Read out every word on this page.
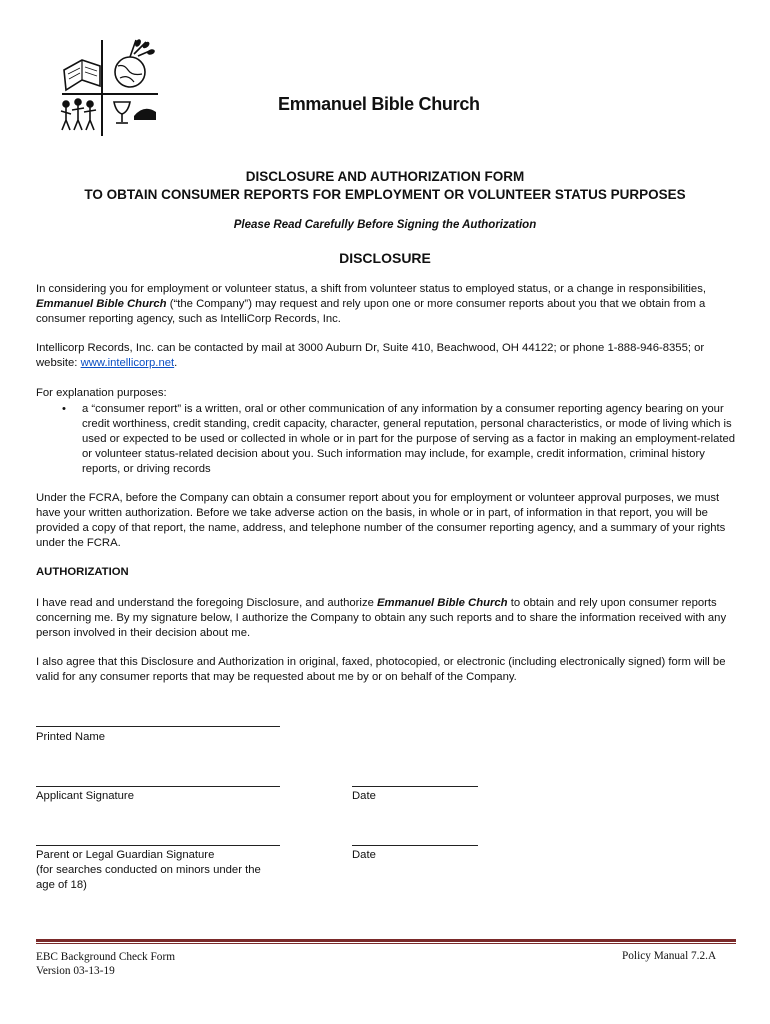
Emmanuel Bible Church
DISCLOSURE AND AUTHORIZATION FORM
TO OBTAIN CONSUMER REPORTS FOR EMPLOYMENT OR VOLUNTEER STATUS PURPOSES
Please Read Carefully Before Signing the Authorization
DISCLOSURE
In considering you for employment or volunteer status, a shift from volunteer status to employed status, or a change in responsibilities, Emmanuel Bible Church (“the Company”) may request and rely upon one or more consumer reports about you that we obtain from a consumer reporting agency, such as IntelliCorp Records, Inc.
Intellicorp Records, Inc. can be contacted by mail at 3000 Auburn Dr, Suite 410, Beachwood, OH 44122; or phone 1-888-946-8355; or website: www.intellicorp.net.
For explanation purposes:
• a “consumer report” is a written, oral or other communication of any information by a consumer reporting agency bearing on your credit worthiness, credit standing, credit capacity, character, general reputation, personal characteristics, or mode of living which is used or expected to be used or collected in whole or in part for the purpose of serving as a factor in making an employment-related or volunteer status-related decision about you. Such information may include, for example, credit information, criminal history reports, or driving records
Under the FCRA, before the Company can obtain a consumer report about you for employment or volunteer approval purposes, we must have your written authorization. Before we take adverse action on the basis, in whole or in part, of information in that report, you will be provided a copy of that report, the name, address, and telephone number of the consumer reporting agency, and a summary of your rights under the FCRA.
AUTHORIZATION
I have read and understand the foregoing Disclosure, and authorize Emmanuel Bible Church to obtain and rely upon consumer reports concerning me. By my signature below, I authorize the Company to obtain any such reports and to share the information received with any person involved in their decision about me.
I also agree that this Disclosure and Authorization in original, faxed, photocopied, or electronic (including electronically signed) form will be valid for any consumer reports that may be requested about me by or on behalf of the Company.
Printed Name
Applicant Signature	Date
Parent or Legal Guardian Signature
(for searches conducted on minors under the age of 18)
Date
EBC Background Check Form
Version 03-13-19
Policy Manual 7.2.A
